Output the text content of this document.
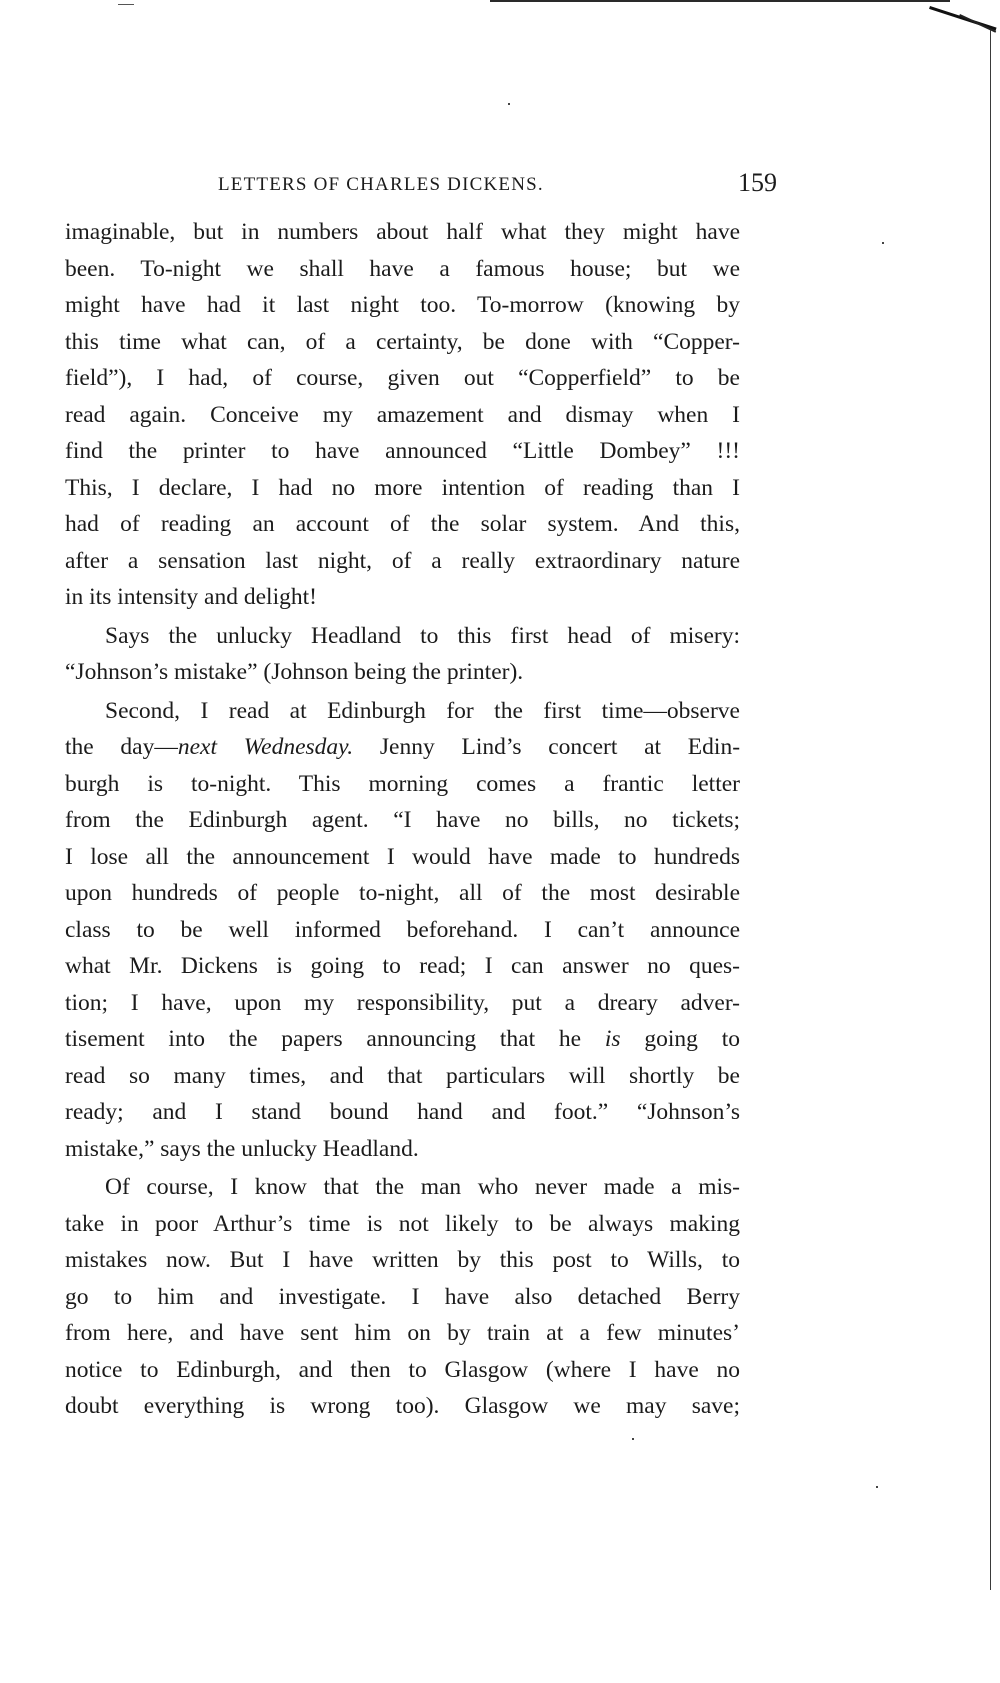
LETTERS OF CHARLES DICKENS.	159
imaginable, but in numbers about half what they might have
been. To-night we shall have a famous house; but we
might have had it last night too. To-morrow (knowing by
this time what can, of a certainty, be done with “Copper-
field”), I had, of course, given out “Copperfield” to be
read again. Conceive my amazement and dismay when I
find the printer to have announced “Little Dombey” !!!
This, I declare, I had no more intention of reading than I
had of reading an account of the solar system. And this,
after a sensation last night, of a really extraordinary nature
in its intensity and delight!
Says the unlucky Headland to this first head of misery:
“Johnson’s mistake” (Johnson being the printer).
Second, I read at Edinburgh for the first time—observe
the day—next Wednesday. Jenny Lind’s concert at Edin-
burgh is to-night. This morning comes a frantic letter
from the Edinburgh agent. “I have no bills, no tickets;
I lose all the announcement I would have made to hundreds
upon hundreds of people to-night, all of the most desirable
class to be well informed beforehand. I can’t announce
what Mr. Dickens is going to read; I can answer no ques-
tion; I have, upon my responsibility, put a dreary adver-
tisement into the papers announcing that he is going to
read so many times, and that particulars will shortly be
ready; and I stand bound hand and foot.” “Johnson’s
mistake,” says the unlucky Headland.
Of course, I know that the man who never made a mis-
take in poor Arthur’s time is not likely to be always making
mistakes now. But I have written by this post to Wills, to
go to him and investigate. I have also detached Berry
from here, and have sent him on by train at a few minutes’
notice to Edinburgh, and then to Glasgow (where I have no
doubt everything is wrong too). Glasgow we may save;
